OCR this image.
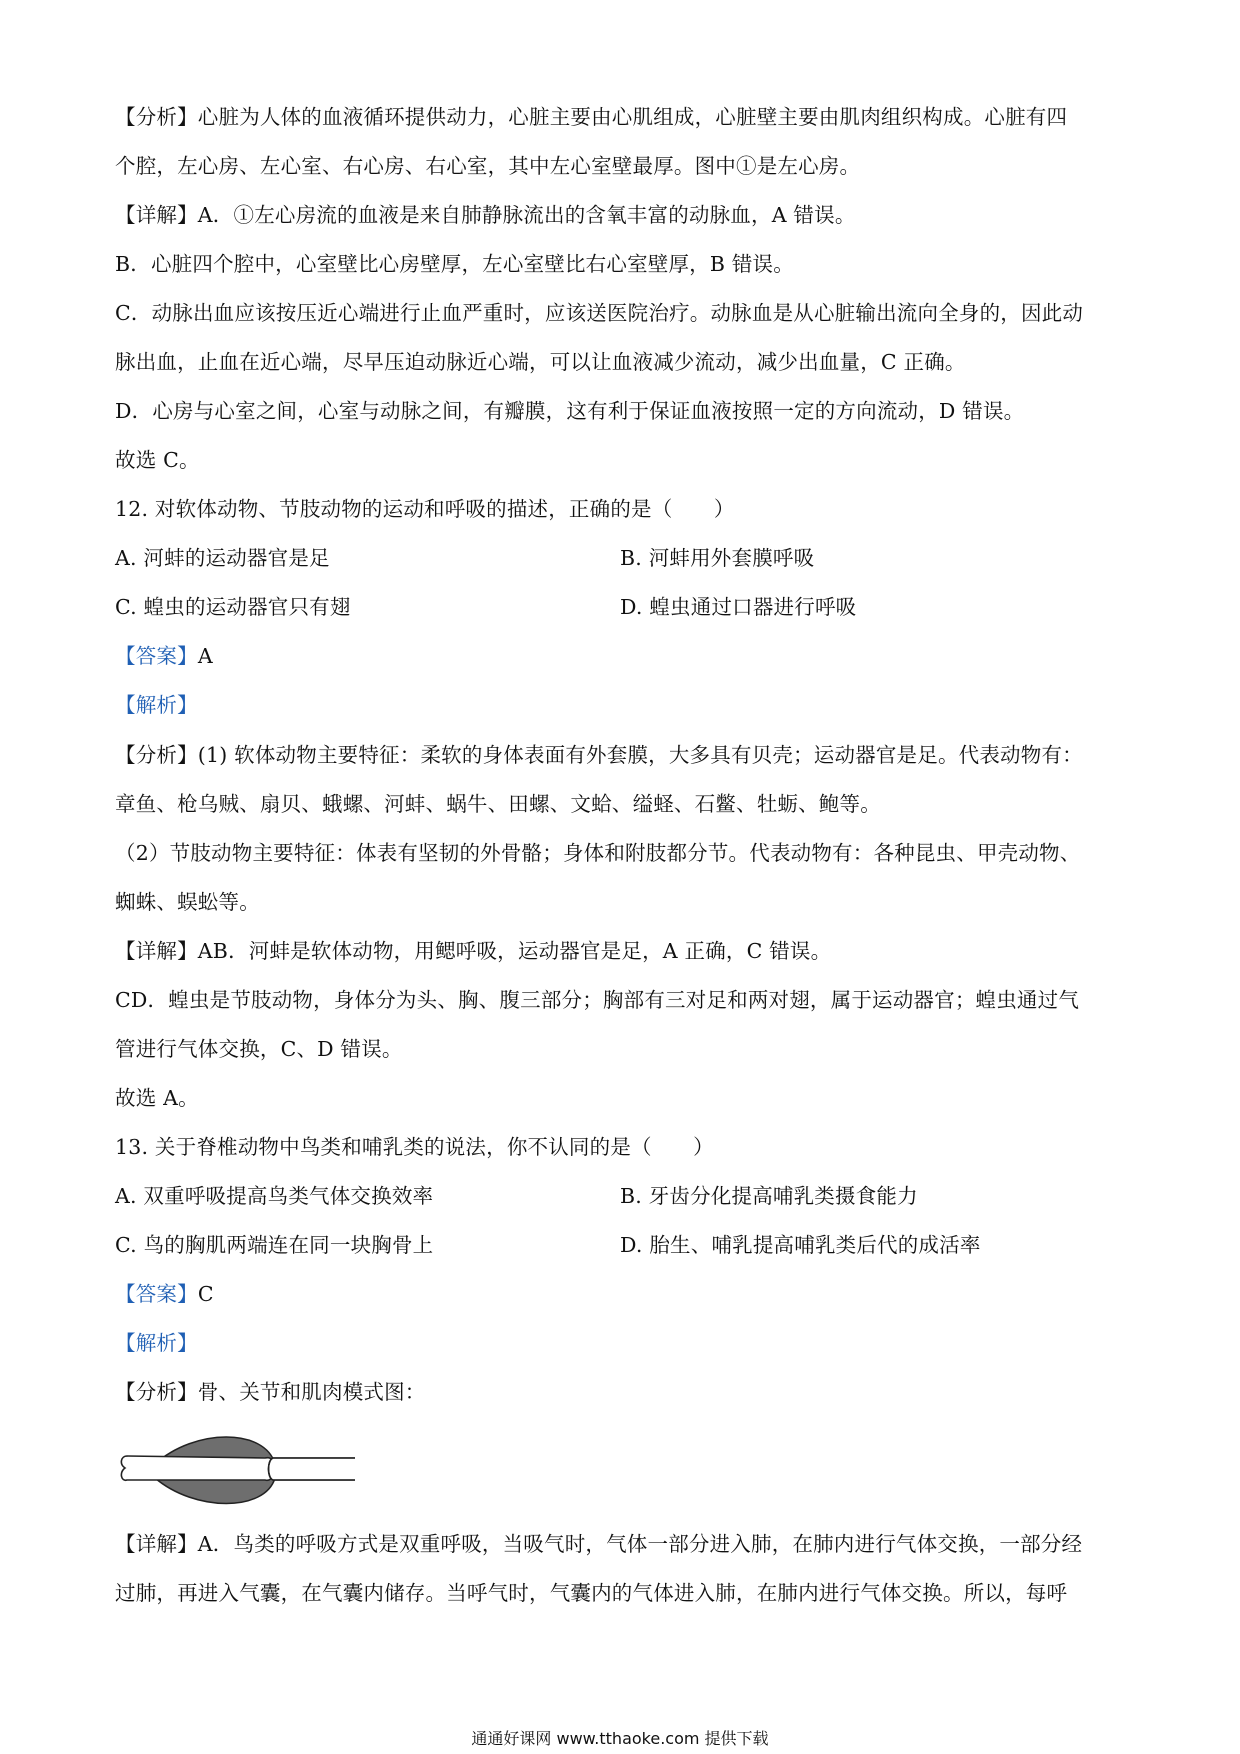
【分析】心脏为人体的血液循环提供动力，心脏主要由心肌组成，心脏壁主要由肌肉组织构成。心脏有四
个腔，左心房、左心室、右心房、右心室，其中左心室壁最厚。图中①是左心房。
【详解】A．①左心房流的血液是来自肺静脉流出的含氧丰富的动脉血，A 错误。
B．心脏四个腔中，心室壁比心房壁厚，左心室壁比右心室壁厚，B 错误。
C．动脉出血应该按压近心端进行止血严重时，应该送医院治疗。动脉血是从心脏输出流向全身的，因此动
脉出血，止血在近心端，尽早压迫动脉近心端，可以让血液减少流动，减少出血量，C 正确。
D．心房与心室之间，心室与动脉之间，有瓣膜，这有利于保证血液按照一定的方向流动，D 错误。
故选 C。
12. 对软体动物、节肢动物的运动和呼吸的描述，正确的是（　　）
A. 河蚌的运动器官是足	B. 河蚌用外套膜呼吸
C. 蝗虫的运动器官只有翅	D. 蝗虫通过口器进行呼吸
【答案】A
【解析】
【分析】(1) 软体动物主要特征：柔软的身体表面有外套膜，大多具有贝壳；运动器官是足。代表动物有：
章鱼、枪乌贼、扇贝、蛾螺、河蚌、蜗牛、田螺、文蛤、缢蛏、石鳖、牡蛎、鲍等。
（2）节肢动物主要特征：体表有坚韧的外骨骼；身体和附肢都分节。代表动物有：各种昆虫、甲壳动物、
蜘蛛、蜈蚣等。
【详解】AB．河蚌是软体动物，用鳃呼吸，运动器官是足，A 正确，C 错误。
CD．蝗虫是节肢动物，身体分为头、胸、腹三部分；胸部有三对足和两对翅，属于运动器官；蝗虫通过气
管进行气体交换，C、D 错误。
故选 A。
13. 关于脊椎动物中鸟类和哺乳类的说法，你不认同的是（　　）
A. 双重呼吸提高鸟类气体交换效率	B. 牙齿分化提高哺乳类摄食能力
C. 鸟的胸肌两端连在同一块胸骨上	D. 胎生、哺乳提高哺乳类后代的成活率
【答案】C
【解析】
【分析】骨、关节和肌肉模式图：
【详解】A．鸟类的呼吸方式是双重呼吸，当吸气时，气体一部分进入肺，在肺内进行气体交换，一部分经
过肺，再进入气囊，在气囊内储存。当呼气时，气囊内的气体进入肺，在肺内进行气体交换。所以，每呼
通通好课网 www.tthaoke.com 提供下载
